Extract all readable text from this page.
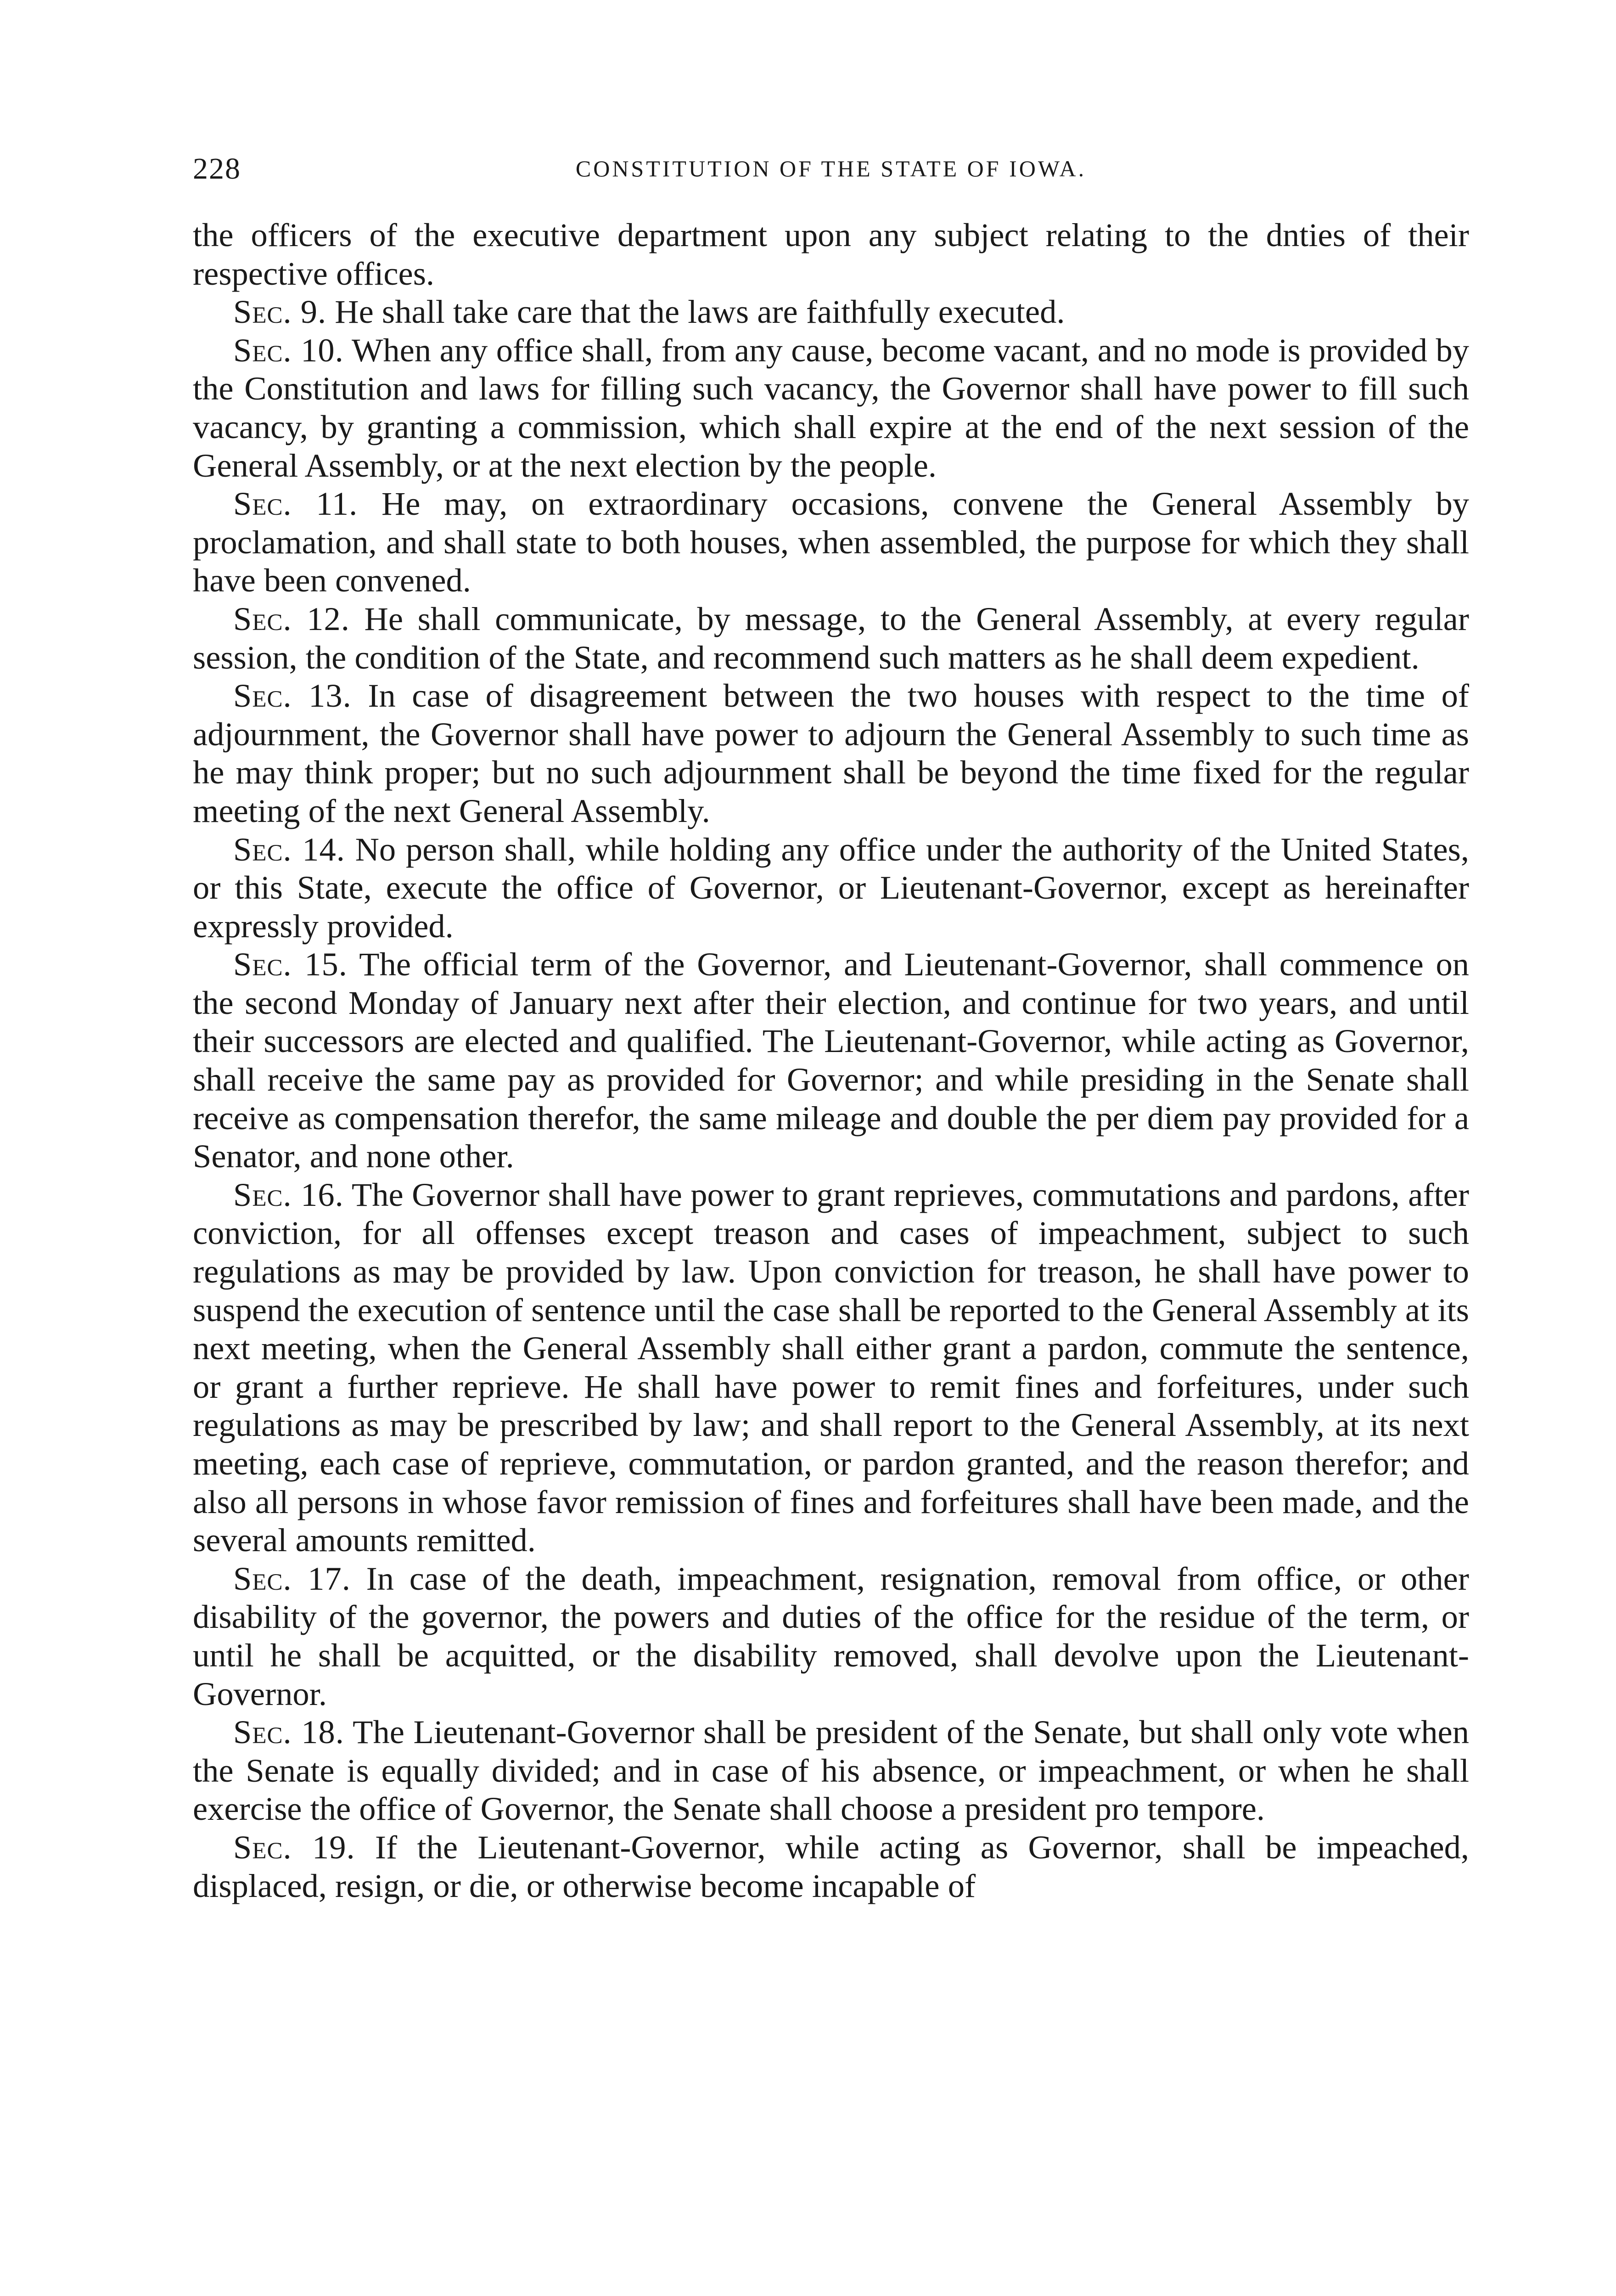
228	CONSTITUTION OF THE STATE OF IOWA.

the officers of the executive department upon any subject relating to the dnties of their respective offices.

Sec. 9. He shall take care that the laws are faithfully executed.

Sec. 10. When any office shall, from any cause, become vacant, and no mode is provided by the Constitution and laws for filling such vacancy, the Governor shall have power to fill such vacancy, by granting a commission, which shall expire at the end of the next session of the General Assembly, or at the next election by the people.

Sec. 11. He may, on extraordinary occasions, convene the General Assembly by proclamation, and shall state to both houses, when assembled, the purpose for which they shall have been convened.

Sec. 12. He shall communicate, by message, to the General Assembly, at every regular session, the condition of the State, and recommend such matters as he shall deem expedient.

Sec. 13. In case of disagreement between the two houses with respect to the time of adjournment, the Governor shall have power to adjourn the General Assembly to such time as he may think proper; but no such adjournment shall be beyond the time fixed for the regular meeting of the next General Assembly.

Sec. 14. No person shall, while holding any office under the authority of the United States, or this State, execute the office of Governor, or Lieutenant-Governor, except as hereinafter expressly provided.

Sec. 15. The official term of the Governor, and Lieutenant-Governor, shall commence on the second Monday of January next after their election, and continue for two years, and until their successors are elected and qualified. The Lieutenant-Governor, while acting as Governor, shall receive the same pay as provided for Governor; and while presiding in the Senate shall receive as compensation therefor, the same mileage and double the per diem pay provided for a Senator, and none other.

Sec. 16. The Governor shall have power to grant reprieves, commutations and pardons, after conviction, for all offenses except treason and cases of impeachment, subject to such regulations as may be provided by law. Upon conviction for treason, he shall have power to suspend the execution of sentence until the case shall be reported to the General Assembly at its next meeting, when the General Assembly shall either grant a pardon, commute the sentence, or grant a further reprieve. He shall have power to remit fines and forfeitures, under such regulations as may be prescribed by law; and shall report to the General Assembly, at its next meeting, each case of reprieve, commutation, or pardon granted, and the reason therefor; and also all persons in whose favor remission of fines and forfeitures shall have been made, and the several amounts remitted.

Sec. 17. In case of the death, impeachment, resignation, removal from office, or other disability of the governor, the powers and duties of the office for the residue of the term, or until he shall be acquitted, or the disability removed, shall devolve upon the Lieutenant-Governor.

Sec. 18. The Lieutenant-Governor shall be president of the Senate, but shall only vote when the Senate is equally divided; and in case of his absence, or impeachment, or when he shall exercise the office of Governor, the Senate shall choose a president pro tempore.

Sec. 19. If the Lieutenant-Governor, while acting as Governor, shall be impeached, displaced, resign, or die, or otherwise become incapable of
